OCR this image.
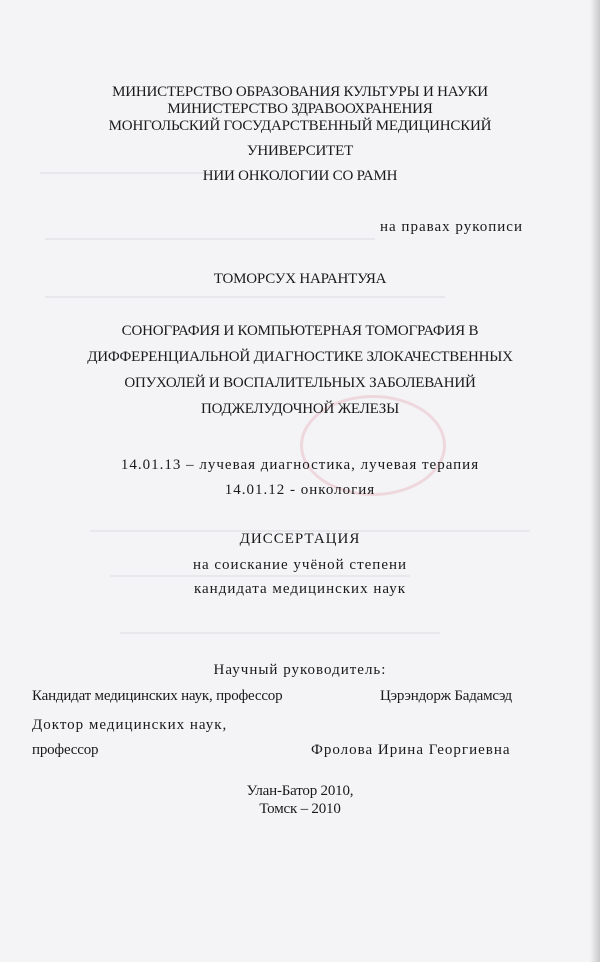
МИНИСТЕРСТВО ОБРАЗОВАНИЯ КУЛЬТУРЫ И НАУКИ
МИНИСТЕРСТВО ЗДРАВООХРАНЕНИЯ
МОНГОЛЬСКИЙ ГОСУДАРСТВЕННЫЙ МЕДИЦИНСКИЙ
УНИВЕРСИТЕТ
НИИ ОНКОЛОГИИ СО РАМН
на правах рукописи
ТОМОРСУХ НАРАНТУЯА
СОНОГРАФИЯ И КОМПЬЮТЕРНАЯ ТОМОГРАФИЯ В
ДИФФЕРЕНЦИАЛЬНОЙ ДИАГНОСТИКЕ ЗЛОКАЧЕСТВЕННЫХ
ОПУХОЛЕЙ И ВОСПАЛИТЕЛЬНЫХ ЗАБОЛЕВАНИЙ
ПОДЖЕЛУДОЧНОЙ ЖЕЛЕЗЫ
14.01.13 – лучевая диагностика, лучевая терапия
14.01.12 - онкология
ДИССЕРТАЦИЯ
на соискание учёной степени
кандидата медицинских наук
Научный руководитель:
Кандидат медицинских наук, профессор	Цэрэндорж Бадамсэд
Доктор медицинских наук,
профессор	Фролова Ирина Георгиевна
Улан-Батор 2010,
Томск – 2010
